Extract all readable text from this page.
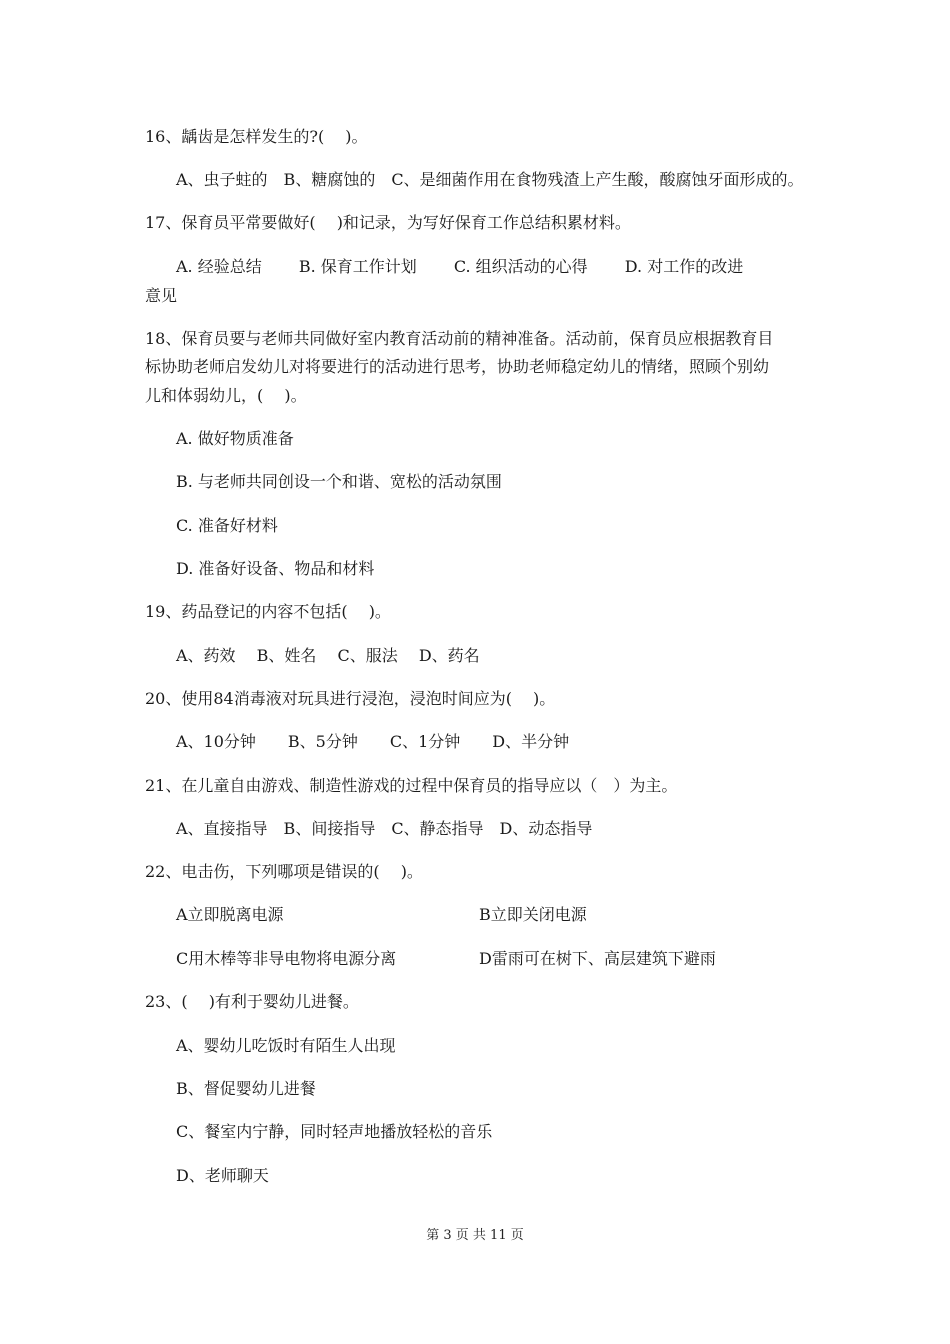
16、龋齿是怎样发生的?(　 )。
A、虫子蛀的　B、糖腐蚀的　C、是细菌作用在食物残渣上产生酸，酸腐蚀牙面形成的。
17、保育员平常要做好(　 )和记录，为写好保育工作总结积累材料。
A. 经验总结　　 B. 保育工作计划　　 C. 组织活动的心得　　 D. 对工作的改进
意见
18、保育员要与老师共同做好室内教育活动前的精神准备。活动前，保育员应根据教育目
标协助老师启发幼儿对将要进行的活动进行思考，协助老师稳定幼儿的情绪，照顾个别幼
儿和体弱幼儿，(　 )。
A. 做好物质准备
B. 与老师共同创设一个和谐、宽松的活动氛围
C. 准备好材料
D. 准备好设备、物品和材料
19、药品登记的内容不包括(　 )。
A、药效　 B、姓名　 C、服法　 D、药名
20、使用84消毒液对玩具进行浸泡，浸泡时间应为(　 )。
A、10分钟　　B、5分钟　　C、1分钟　　D、半分钟
21、在儿童自由游戏、制造性游戏的过程中保育员的指导应以（　）为主。
A、直接指导　B、间接指导　C、静态指导　D、动态指导
22、电击伤，下列哪项是错误的(　 )。
A立即脱离电源	B立即关闭电源
C用木棒等非导电物将电源分离	D雷雨可在树下、高层建筑下避雨
23、(　 )有利于婴幼儿进餐。
A、婴幼儿吃饭时有陌生人出现
B、督促婴幼儿进餐
C、餐室内宁静，同时轻声地播放轻松的音乐
D、老师聊天
第 3 页 共 11 页
